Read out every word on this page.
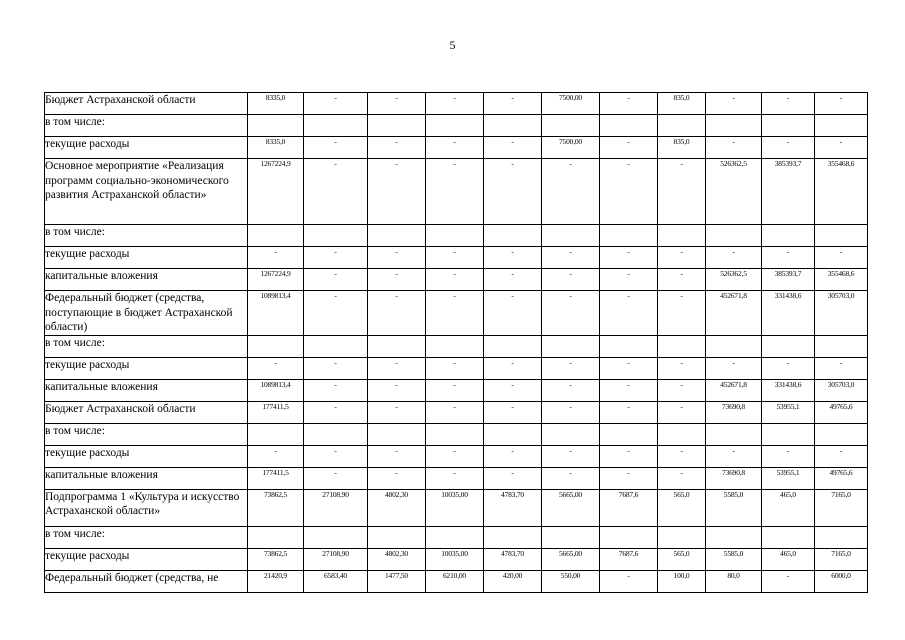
5
Бюджет Астраханской области	8335,0	-	-	-	-	7500,00	-	835,0	-	-	-
в том числе:											
текущие расходы	8335,0	-	-	-	-	7500,00	-	835,0	-	-	-
Основное мероприятие «Реализация программ социально-экономического развития Астраханской области»	1267224,9	-	-	-	-	-	-	-	526362,5	385393,7	355468,6
в том числе:											
текущие расходы	-	-	-	-	-	-	-	-	-	-	-
капитальные вложения	1267224,9	-	-	-	-	-	-	-	526362,5	385393,7	355468,6
Федеральный бюджет (средства, поступающие в бюджет Астраханской области)	1089813,4	-	-	-	-	-	-	-	452671,8	331438,6	305703,0
в том числе:											
текущие расходы	-	-	-	-	-	-	-	-	-	-	-
капитальные вложения	1089813,4	-	-	-	-	-	-	-	452671,8	331438,6	305703,0
Бюджет Астраханской области	177411,5	-	-	-	-	-	-	-	73690,8	53955,1	49765,6
в том числе:											
текущие расходы	-	-	-	-	-	-	-	-	-	-	-
капитальные вложения	177411,5	-	-	-	-	-	-	-	73690,8	53955,1	49765,6
Подпрограмма 1 «Культура и искусство Астраханской области»	73862,5	27108,90	4802,30	10035,00	4783,70	5665,00	7687,6	565,0	5585,0	465,0	7165,0
в том числе:											
текущие расходы	73862,5	27108,90	4802,30	10035,00	4783,70	5665,00	7687,6	565,0	5585,0	465,0	7165,0
Федеральный бюджет (средства, не	21420,9	6583,40	1477,50	6210,00	420,00	550,00	-	100,0	80,0	-	6000,0
